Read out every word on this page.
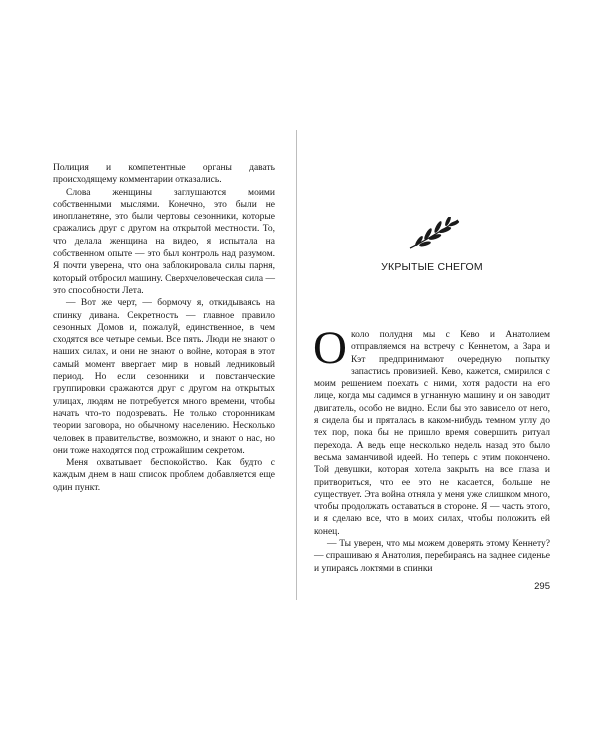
Полиция и компетентные органы давать происходящему комментарии отказались.

Слова женщины заглушаются моими собственными мыслями. Конечно, это были не инопланетяне, это были чертовы сезонники, которые сражались друг с другом на открытой местности. То, что делала женщина на видео, я испытала на собственном опыте — это был контроль над разумом. Я почти уверена, что она заблокировала силы парня, который отбросил машину. Сверхчеловеческая сила — это способности Лета.

— Вот же черт, — бормочу я, откидываясь на спинку дивана. Секретность — главное правило сезонных Домов и, пожалуй, единственное, в чем сходятся все четыре семьи. Все пять. Люди не знают о наших силах, и они не знают о войне, которая в этот самый момент ввергает мир в новый ледниковый период. Но если сезонники и повстанческие группировки сражаются друг с другом на открытых улицах, людям не потребуется много времени, чтобы начать что-то подозревать. Не только сторонникам теории заговора, но обычному населению. Несколько человек в правительстве, возможно, и знают о нас, но они тоже находятся под строжайшим секретом.

Меня охватывает беспокойство. Как будто с каждым днем в наш список проблем добавляется еще один пункт.

УКРЫТЫЕ СНЕГОМ

Около полудня мы с Кево и Анатолием отправляемся на встречу с Кеннетом, а Зара и Кэт предпринимают очередную попытку запастись провизией. Кево, кажется, смирился с моим решением поехать с ними, хотя радости на его лице, когда мы садимся в угнанную машину и он заводит двигатель, особо не видно. Если бы это зависело от него, я сидела бы и пряталась в каком-нибудь темном углу до тех пор, пока бы не пришло время совершить ритуал перехода. А ведь еще несколько недель назад это было весьма заманчивой идеей. Но теперь с этим покончено. Той девушки, которая хотела закрыть на все глаза и притвориться, что ее это не касается, больше не существует. Эта война отняла у меня уже слишком много, чтобы продолжать оставаться в стороне. Я — часть этого, и я сделаю все, что в моих силах, чтобы положить ей конец.

— Ты уверен, что мы можем доверять этому Кеннету? — спрашиваю я Анатолия, перебираясь на заднее сиденье и упираясь локтями в спинки

295
